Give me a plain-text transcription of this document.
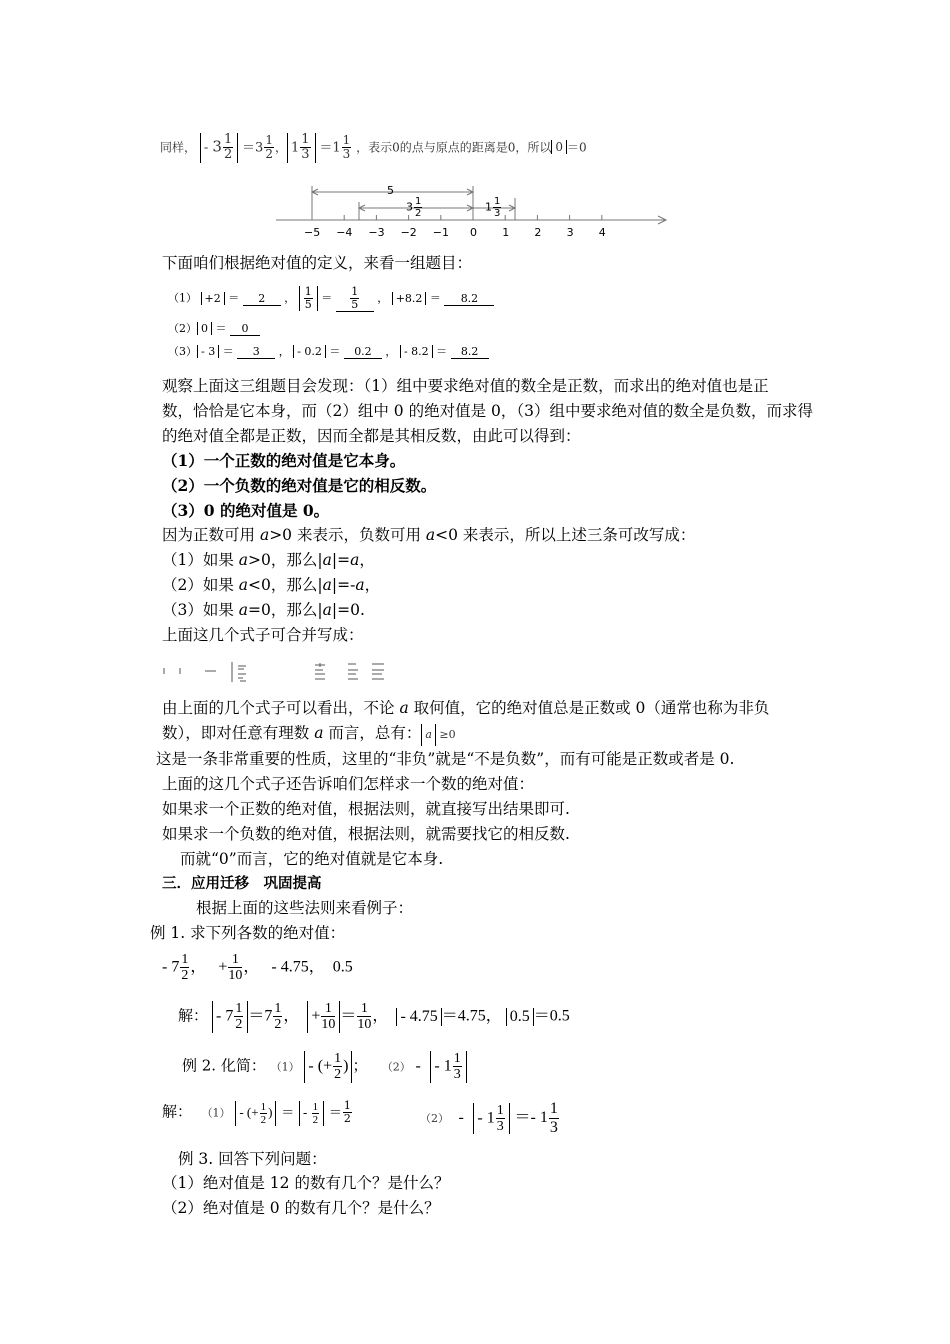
同样， - $3 \frac{1}{2} =3 \frac{1}{2}$ ， $1 \frac{1}{3} =1 \frac{1}{3}$ ，表示0的点与原点的距离是0，所以 0 ＝0
5
$3 \frac{1}{2}$	$1 \frac{1}{3}$
−5 −4 −3 −2 −1 0 1 2 3 4
下面咱们根据绝对值的定义，来看一组题目：
（1） +2 ＝ 2 ， $\frac{1}{5} = \frac{1}{5}$ ， +8.2 ＝ 8.2
（2） 0 ＝ 0
（3） - 3 ＝ 3 ， - 0.2 ＝ 0.2 ， - 8.2 ＝ 8.2
观察上面这三组题目会发现：（1）组中要求绝对值的数全是正数，而求出的绝对值也是正
数，恰恰是它本身，而（2）组中 0 的绝对值是 0，（3）组中要求绝对值的数全是负数，而求得
的绝对值全都是正数，因而全都是其相反数，由此可以得到：
（1）一个正数的绝对值是它本身。
（2）一个负数的绝对值是它的相反数。
（3）0 的绝对值是 0。
因为正数可用 a>0 来表示，负数可用 a<0 来表示，所以上述三条可改写成：
（1）如果 a>0，那么|a|=a，
（2）如果 a<0，那么|a|=-a，
（3）如果 a=0，那么|a|=0.
上面这几个式子可合并写成：
由上面的几个式子可以看出，不论 a 取何值，它的绝对值总是正数或 0（通常也称为非负
数），即对任意有理数 a 而言，总有： a ≥0
这是一条非常重要的性质，这里的“非负”就是“不是负数”，而有可能是正数或者是 0.
上面的这几个式子还告诉咱们怎样求一个数的绝对值：
如果求一个正数的绝对值，根据法则，就直接写出结果即可.
如果求一个负数的绝对值，根据法则，就需要找它的相反数.
而就“0”而言，它的绝对值就是它本身.
三．应用迁移　巩固提高
根据上面的这些法则来看例子：
例 1. 求下列各数的绝对值：
- $7 \frac{1}{2}$ ， + $\frac{1}{10}$ ， - 4.75， 0.5
解： - $7 \frac{1}{2} =7 \frac{1}{2}$ ， + $\frac{1}{10} = \frac{1}{10}$ ， - 4.75 ＝4.75， 0.5 ＝0.5
例 2. 化简： （1） - (+ $\frac{1}{2}$ ) ； （2） - - $1 \frac{1}{3}$
解： （1） - (+ $\frac{1}{2}$ ) ＝ - $\frac{1}{2} = \frac{1}{2}$	（2） - - $1 \frac{1}{3} =- 1 \frac{1}{3}$
例 3. 回答下列问题：
（1）绝对值是 12 的数有几个？是什么？
（2）绝对值是 0 的数有几个？是什么？
